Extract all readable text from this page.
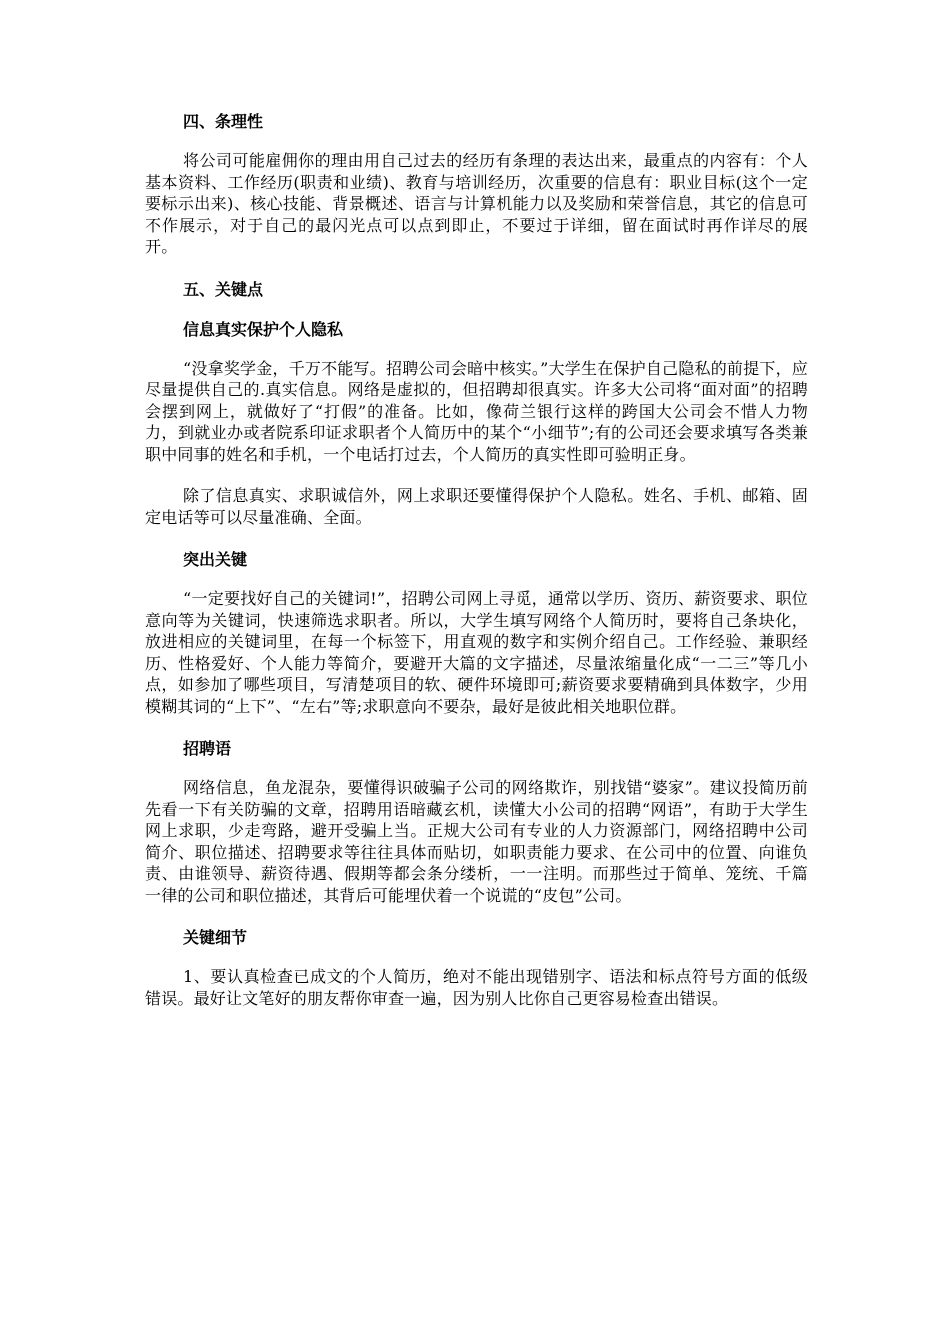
四、条理性

将公司可能雇佣你的理由用自己过去的经历有条理的表达出来，最重点的内容有：个人基本资料、工作经历(职责和业绩)、教育与培训经历，次重要的信息有：职业目标(这个一定要标示出来)、核心技能、背景概述、语言与计算机能力以及奖励和荣誉信息，其它的信息可不作展示，对于自己的最闪光点可以点到即止，不要过于详细，留在面试时再作详尽的展开。

五、关键点
信息真实保护个人隐私

“没拿奖学金，千万不能写。招聘公司会暗中核实。”大学生在保护自己隐私的前提下，应尽量提供自己的.真实信息。网络是虚拟的，但招聘却很真实。许多大公司将“面对面”的招聘会摆到网上，就做好了“打假”的准备。比如，像荷兰银行这样的跨国大公司会不惜人力物力，到就业办或者院系印证求职者个人简历中的某个“小细节”;有的公司还会要求填写各类兼职中同事的姓名和手机，一个电话打过去，个人简历的真实性即可验明正身。

除了信息真实、求职诚信外，网上求职还要懂得保护个人隐私。姓名、手机、邮箱、固定电话等可以尽量准确、全面。

突出关键

“一定要找好自己的关键词!”，招聘公司网上寻觅，通常以学历、资历、薪资要求、职位意向等为关键词，快速筛选求职者。所以，大学生填写网络个人简历时，要将自己条块化，放进相应的关键词里，在每一个标签下，用直观的数字和实例介绍自己。工作经验、兼职经历、性格爱好、个人能力等简介，要避开大篇的文字描述，尽量浓缩量化成“一二三”等几小点，如参加了哪些项目，写清楚项目的软、硬件环境即可;薪资要求要精确到具体数字，少用模糊其词的“上下”、“左右”等;求职意向不要杂，最好是彼此相关地职位群。

招聘语

网络信息，鱼龙混杂，要懂得识破骗子公司的网络欺诈，别找错“婆家”。建议投简历前先看一下有关防骗的文章，招聘用语暗藏玄机，读懂大小公司的招聘“网语”，有助于大学生网上求职，少走弯路，避开受骗上当。正规大公司有专业的人力资源部门，网络招聘中公司简介、职位描述、招聘要求等往往具体而贴切，如职责能力要求、在公司中的位置、向谁负责、由谁领导、薪资待遇、假期等都会条分缕析，一一注明。而那些过于简单、笼统、千篇一律的公司和职位描述，其背后可能埋伏着一个说谎的“皮包”公司。

关键细节

1、要认真检查已成文的个人简历，绝对不能出现错别字、语法和标点符号方面的低级错误。最好让文笔好的朋友帮你审查一遍，因为别人比你自己更容易检查出错误。
